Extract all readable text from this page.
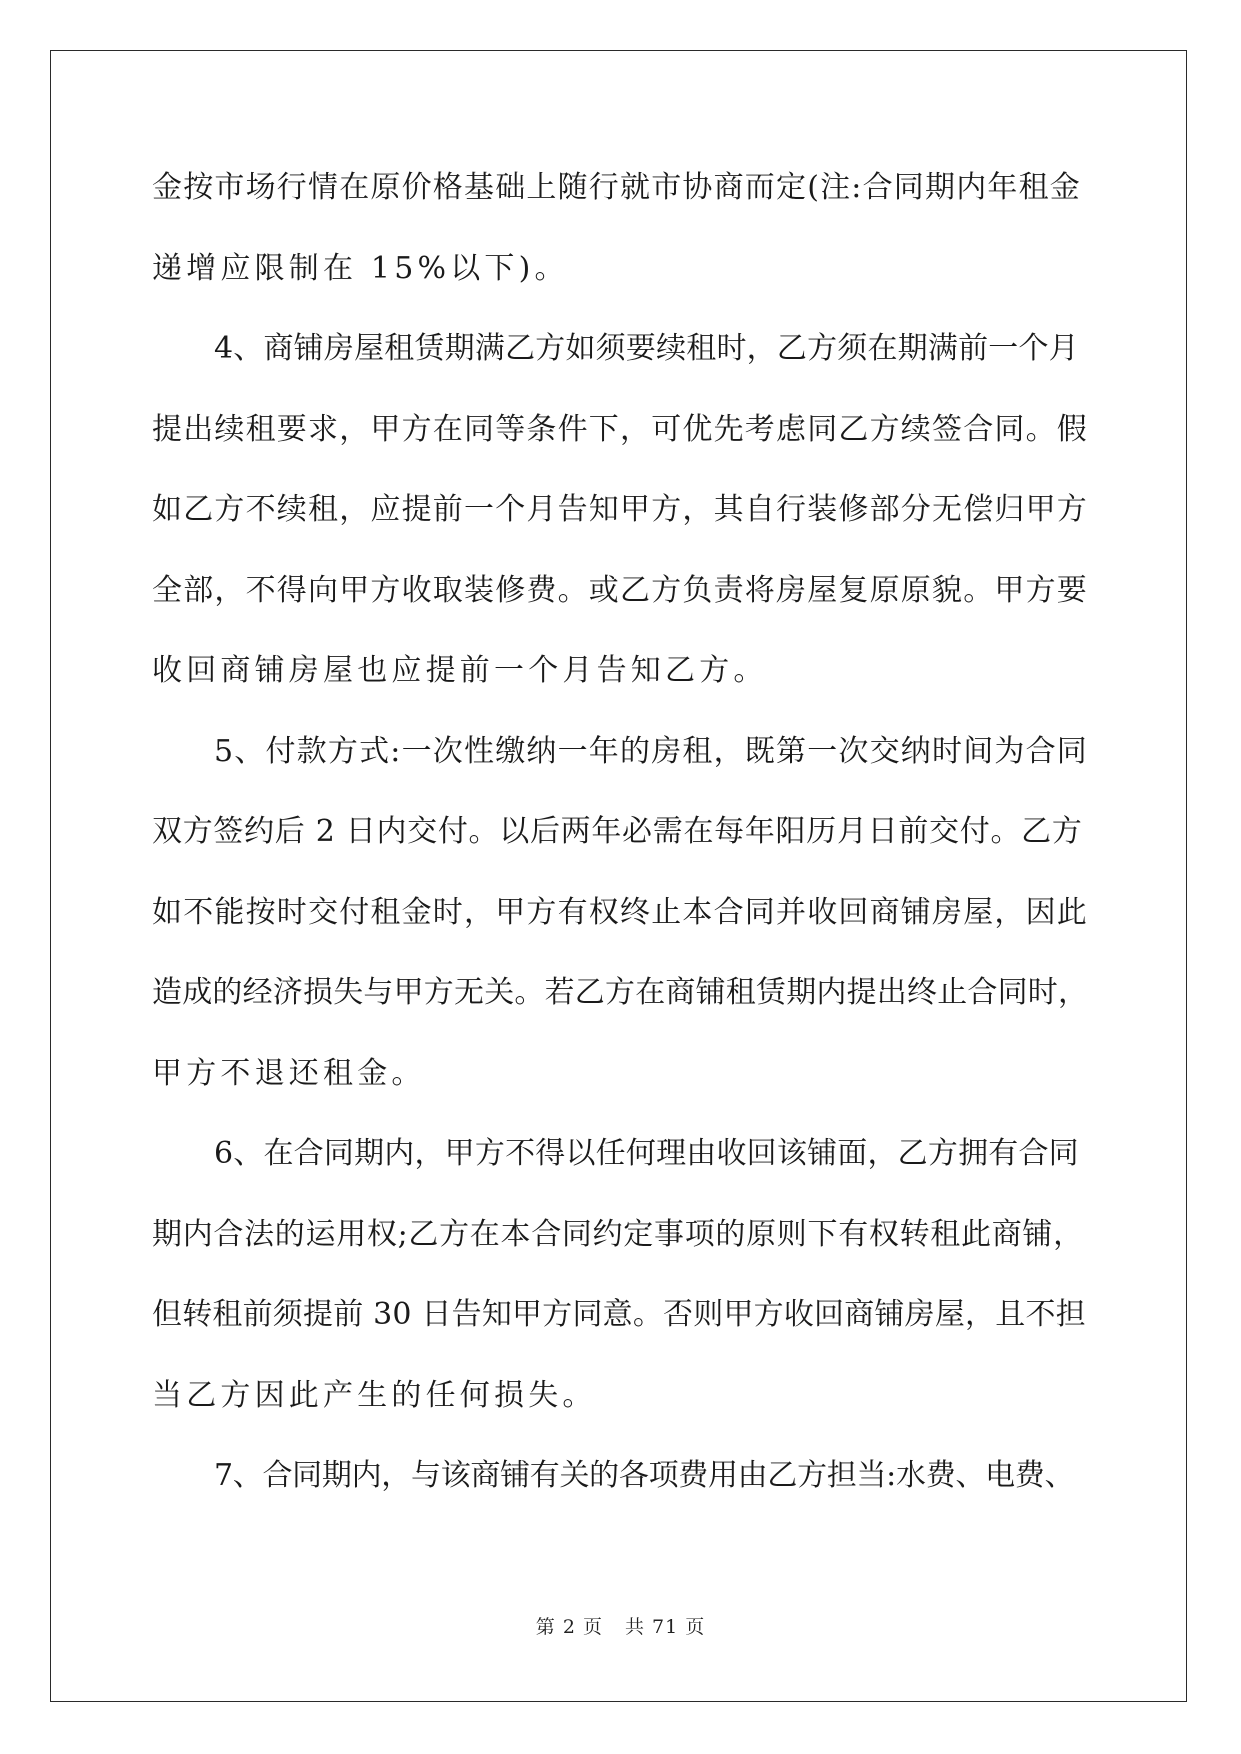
金按市场行情在原价格基础上随行就市协商而定(注:合同期内年租金
递增应限制在 15%以下)。
4、商铺房屋租赁期满乙方如须要续租时，乙方须在期满前一个月
提出续租要求，甲方在同等条件下，可优先考虑同乙方续签合同。假
如乙方不续租，应提前一个月告知甲方，其自行装修部分无偿归甲方
全部，不得向甲方收取装修费。或乙方负责将房屋复原原貌。甲方要
收回商铺房屋也应提前一个月告知乙方。
5、付款方式:一次性缴纳一年的房租，既第一次交纳时间为合同
双方签约后 2 日内交付。以后两年必需在每年阳历月日前交付。乙方
如不能按时交付租金时，甲方有权终止本合同并收回商铺房屋，因此
造成的经济损失与甲方无关。若乙方在商铺租赁期内提出终止合同时，
甲方不退还租金。
6、在合同期内，甲方不得以任何理由收回该铺面，乙方拥有合同
期内合法的运用权;乙方在本合同约定事项的原则下有权转租此商铺，
但转租前须提前 30 日告知甲方同意。否则甲方收回商铺房屋，且不担
当乙方因此产生的任何损失。
7、合同期内，与该商铺有关的各项费用由乙方担当:水费、电费、
第 2 页 共 71 页
